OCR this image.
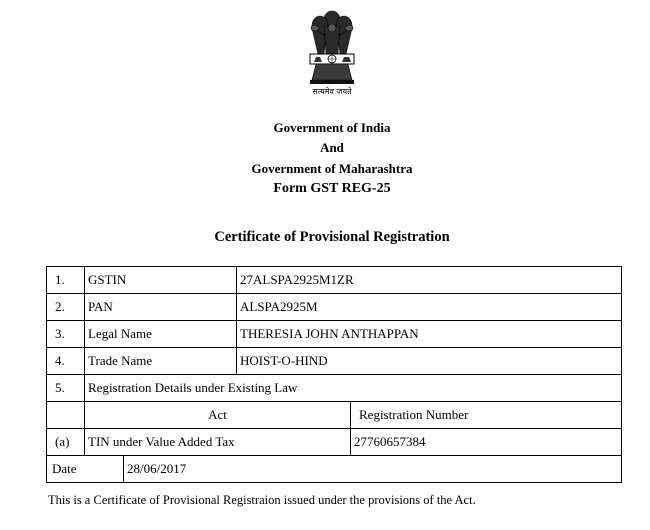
सत्यमेव जयते
Government of India
And
Government of Maharashtra
Form GST REG-25
Certificate of Provisional Registration
1.	GSTIN		27ALSPA2925M1ZR	
2.	PAN		ALSPA2925M	
3.	Legal Name		THERESIA JOHN ANTHAPPAN	
4.	Trade Name		HOIST-O-HIND	
5.	Registration Details under Existing Law			
	Act			Registration Number
(a)	TIN under Value Added Tax			27760657384
Date		28/06/2017		
This is a Certificate of Provisional Registraion issued under the provisions of the Act.
